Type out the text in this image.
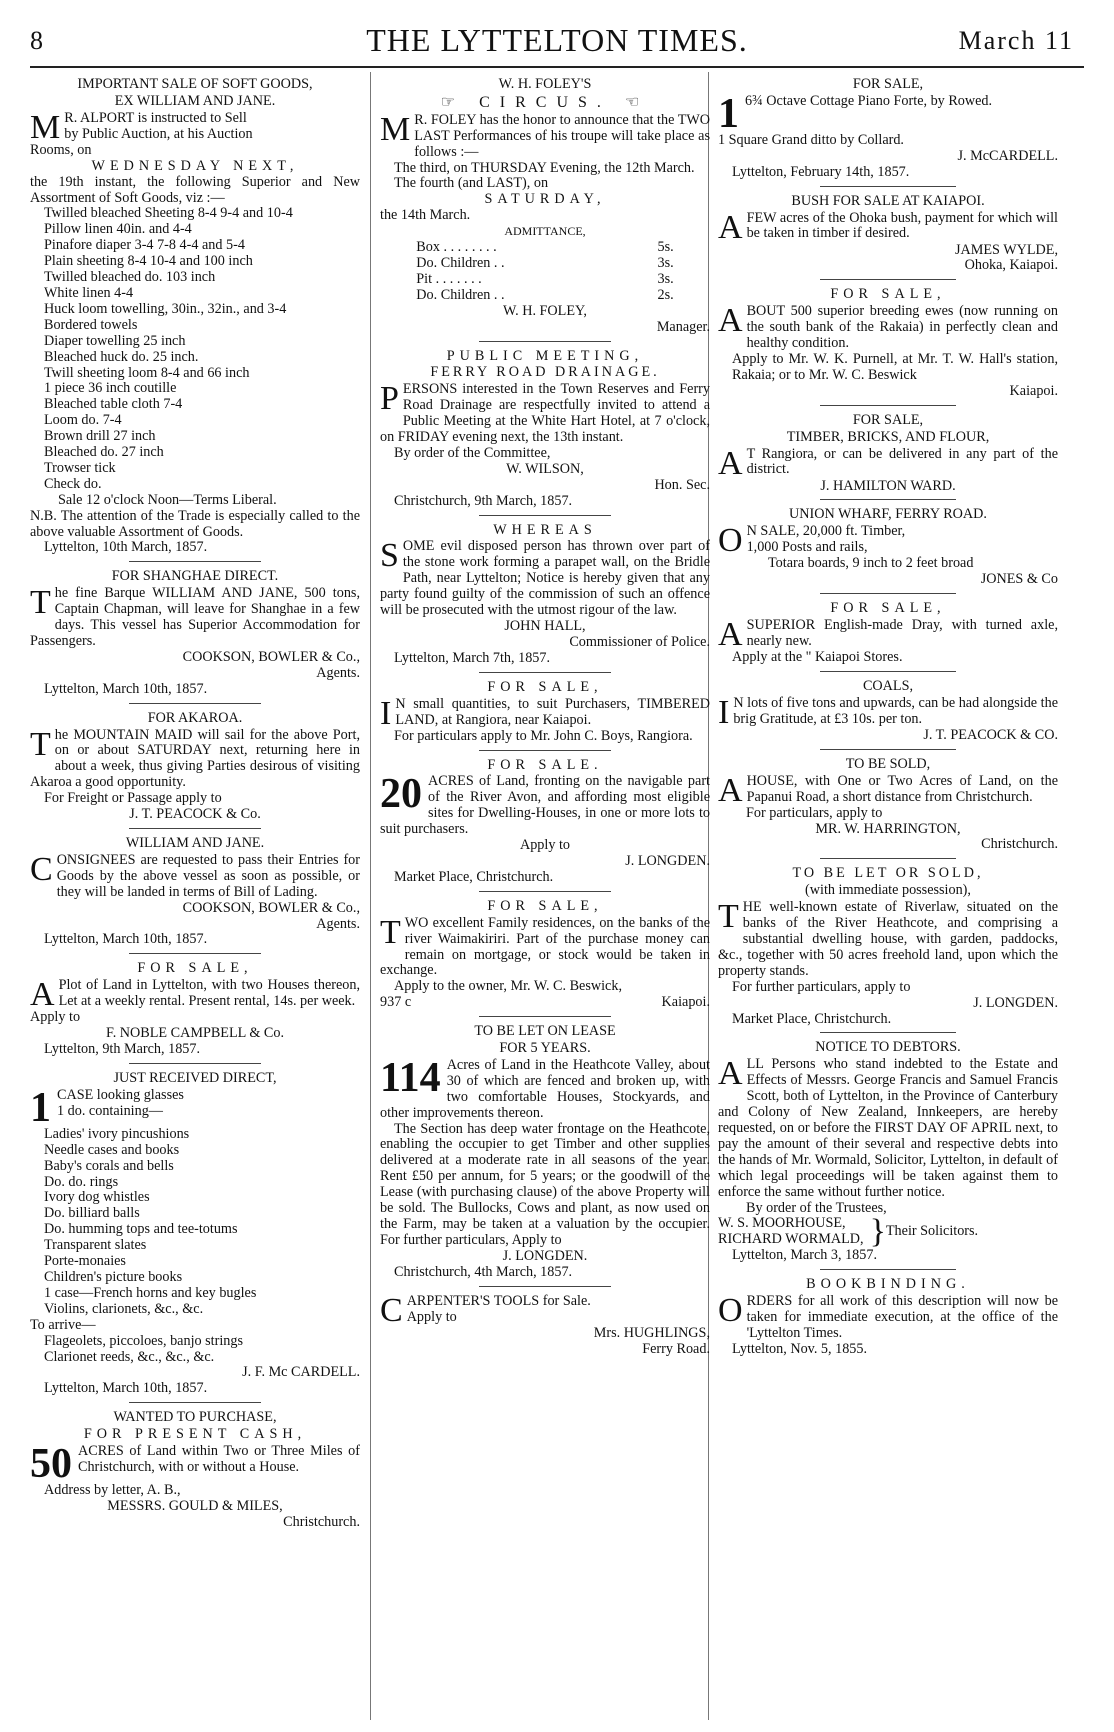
8	THE LYTTELTON TIMES.	March 11
IMPORTANT SALE OF SOFT GOODS,
EX WILLIAM AND JANE.
M R. ALPORT is instructed to Sell
by Public Auction, at his Auction
Rooms, on
WEDNESDAY NEXT,
the 19th instant, the following Superior and New Assortment of Soft Goods, viz :—
Twilled bleached Sheeting 8-4 9-4 and 10-4
Pillow linen 40in. and 4-4
Pinafore diaper 3-4 7-8 4-4 and 5-4
Plain sheeting 8-4 10-4 and 100 inch
Twilled bleached do. 103 inch
White linen 4-4
Huck loom towelling, 30in., 32in., and 3-4
Bordered towels
Diaper towelling 25 inch
Bleached huck do. 25 inch.
Twill sheeting loom 8-4 and 66 inch
1 piece 36 inch coutille
Bleached table cloth 7-4
Loom do. 7-4
Brown drill 27 inch
Bleached do. 27 inch
Trowser tick
Check do.
Sale 12 o'clock Noon—Terms Liberal.
N.B. The attention of the Trade is especially called to the above valuable Assortment of Goods.
Lyttelton, 10th March, 1857.
FOR SHANGHAE DIRECT.
T he fine Barque WILLIAM AND JANE, 500 tons, Captain Chapman, will leave for Shanghae in a few days. This vessel has Superior Accommodation for Passengers.
COOKSON, BOWLER & Co.,
Agents.
Lyttelton, March 10th, 1857.
FOR AKAROA.
T he MOUNTAIN MAID will sail for the above Port, on or about SATURDAY next, returning here in about a week, thus giving Parties desirous of visiting Akaroa a good opportunity.
For Freight or Passage apply to
J. T. PEACOCK & Co.
WILLIAM AND JANE.
C ONSIGNEES are requested to pass their Entries for Goods by the above vessel as soon as possible, or they will be landed in terms of Bill of Lading.
COOKSON, BOWLER & Co.,
Agents.
Lyttelton, March 10th, 1857.
FOR SALE,
A Plot of Land in Lyttelton, with two Houses thereon, Let at a weekly rental. Present rental, 14s. per week.
Apply to
F. NOBLE CAMPBELL & Co.
Lyttelton, 9th March, 1857.
JUST RECEIVED DIRECT,
1 CASE looking glasses
1 do. containing—
Ladies' ivory pincushions
Needle cases and books
Baby's corals and bells
Do. do. rings
Ivory dog whistles
Do. billiard balls
Do. humming tops and tee-totums
Transparent slates
Porte-monaies
Children's picture books
1 case—French horns and key bugles
Violins, clarionets, &c., &c.
To arrive—
Flageolets, piccoloes, banjo strings
Clarionet reeds, &c., &c., &c.
J. F. Mc CARDELL.
Lyttelton, March 10th, 1857.
WANTED TO PURCHASE,
FOR PRESENT CASH,
50 ACRES of Land within Two or Three Miles of Christchurch, with or without a House.
Address by letter, A. B.,
MESSRS. GOULD & MILES,
Christchurch.
W. H. FOLEY'S
☞ CIRCUS. ☜
M R. FOLEY has the honor to announce that the TWO LAST Performances of his troupe will take place as follows :—
The third, on THURSDAY Evening, the 12th March.
The fourth (and LAST), on
SATURDAY,
the 14th March.
ADMITTANCE,
Box . . . . . . . .	5s.
Do. Children . .	3s.
Pit . . . . . . .	3s.
Do. Children . .	2s.
W. H. FOLEY,
Manager.
PUBLIC MEETING,
FERRY ROAD DRAINAGE.
P ERSONS interested in the Town Reserves and Ferry Road Drainage are respectfully invited to attend a Public Meeting at the White Hart Hotel, at 7 o'clock, on FRIDAY evening next, the 13th instant.
By order of the Committee,
W. WILSON,
Hon. Sec.
Christchurch, 9th March, 1857.
WHEREAS
S OME evil disposed person has thrown over part of the stone work forming a parapet wall, on the Bridle Path, near Lyttelton; Notice is hereby given that any party found guilty of the commission of such an offence will be prosecuted with the utmost rigour of the law.
JOHN HALL,
Commissioner of Police.
Lyttelton, March 7th, 1857.
FOR SALE,
I N small quantities, to suit Purchasers, TIMBERED LAND, at Rangiora, near Kaiapoi.
For particulars apply to Mr. John C. Boys, Rangiora.
FOR SALE.
20 ACRES of Land, fronting on the navigable part of the River Avon, and affording most eligible sites for Dwelling-Houses, in one or more lots to suit purchasers.
Apply to
J. LONGDEN.
Market Place, Christchurch.
FOR SALE,
T WO excellent Family residences, on the banks of the river Waimakiriri. Part of the purchase money can remain on mortgage, or stock would be taken in exchange.
Apply to the owner, Mr. W. C. Beswick,
937 c	Kaiapoi.
TO BE LET ON LEASE
FOR 5 YEARS.
114 Acres of Land in the Heathcote Valley, about 30 of which are fenced and broken up, with two comfortable Houses, Stockyards, and other improvements thereon.
The Section has deep water frontage on the Heathcote, enabling the occupier to get Timber and other supplies delivered at a moderate rate in all seasons of the year. Rent £50 per annum, for 5 years; or the goodwill of the Lease (with purchasing clause) of the above Property will be sold. The Bullocks, Cows and plant, as now used on the Farm, may be taken at a valuation by the occupier. For further particulars, Apply to
J. LONGDEN.
Christchurch, 4th March, 1857.
C ARPENTER'S TOOLS for Sale.
Apply to
Mrs. HUGHLINGS,
Ferry Road.
FOR SALE,
1 6¾ Octave Cottage Piano Forte, by Rowed.
1 Square Grand ditto by Collard.
J. McCARDELL.
Lyttelton, February 14th, 1857.
BUSH FOR SALE AT KAIAPOI.
A FEW acres of the Ohoka bush, payment for which will be taken in timber if desired.
JAMES WYLDE,
Ohoka, Kaiapoi.
FOR SALE,
A BOUT 500 superior breeding ewes (now running on the south bank of the Rakaia) in perfectly clean and healthy condition.
Apply to Mr. W. K. Purnell, at Mr. T. W. Hall's station, Rakaia; or to Mr. W. C. Beswick
Kaiapoi.
FOR SALE,
TIMBER, BRICKS, AND FLOUR,
A T Rangiora, or can be delivered in any part of the district.
J. HAMILTON WARD.
UNION WHARF, FERRY ROAD.
O N SALE, 20,000 ft. Timber,
1,000 Posts and rails,
Totara boards, 9 inch to 2 feet broad
JONES & Co
FOR SALE,
A SUPERIOR English-made Dray, with turned axle, nearly new.
Apply at the " Kaiapoi Stores.
COALS,
I N lots of five tons and upwards, can be had alongside the brig Gratitude, at £3 10s. per ton.
J. T. PEACOCK & CO.
TO BE SOLD,
A HOUSE, with One or Two Acres of Land, on the Papanui Road, a short distance from Christchurch.
For particulars, apply to
MR. W. HARRINGTON,
Christchurch.
TO BE LET OR SOLD,
(with immediate possession),
T HE well-known estate of Riverlaw, situated on the banks of the River Heathcote, and comprising a substantial dwelling house, with garden, paddocks, &c., together with 50 acres freehold land, upon which the property stands.
For further particulars, apply to
J. LONGDEN.
Market Place, Christchurch.
NOTICE TO DEBTORS.
A LL Persons who stand indebted to the Estate and Effects of Messrs. George Francis and Samuel Francis Scott, both of Lyttelton, in the Province of Canterbury and Colony of New Zealand, Innkeepers, are hereby requested, on or before the FIRST DAY OF APRIL next, to pay the amount of their several and respective debts into the hands of Mr. Wormald, Solicitor, Lyttelton, in default of which legal proceedings will be taken against them to enforce the same without further notice.
By order of the Trustees,
W. S. MOORHOUSE,
RICHARD WORMALD, } Their Solicitors.
Lyttelton, March 3, 1857.
BOOKBINDING.
O RDERS for all work of this description will now be taken for immediate execution, at the office of the 'Lyttelton Times.
Lyttelton, Nov. 5, 1855.
